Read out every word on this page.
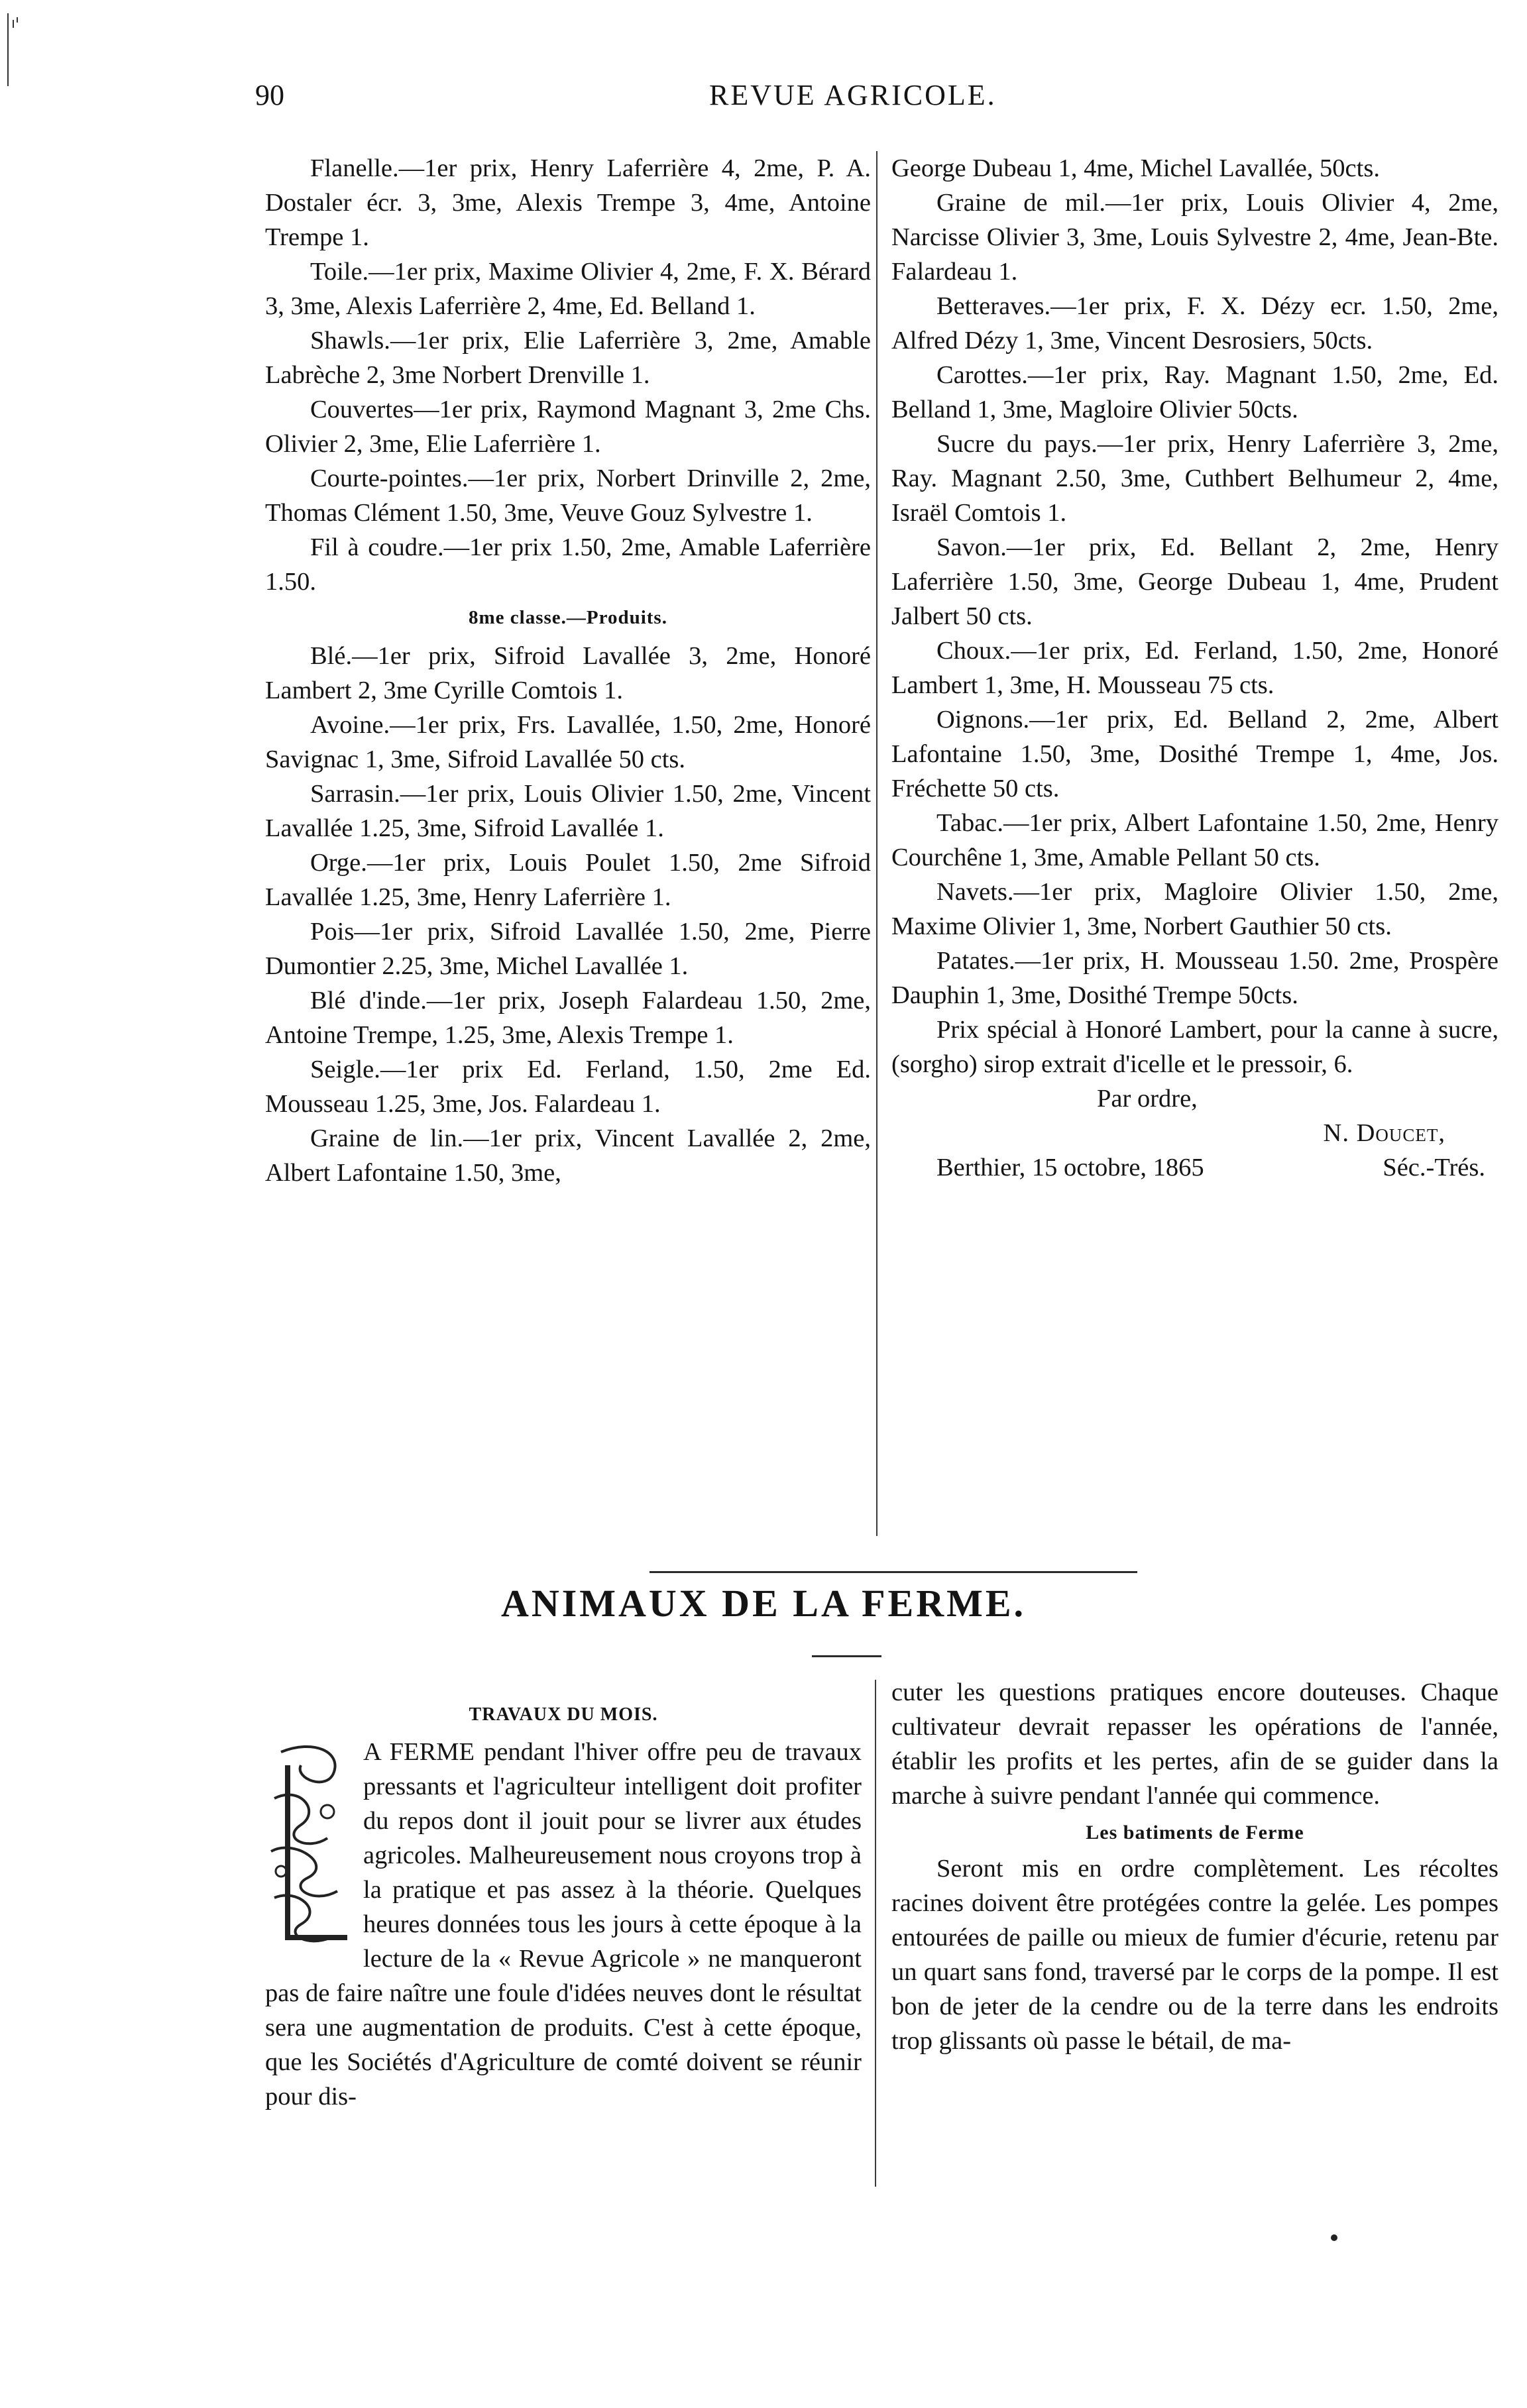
90	REVUE AGRICOLE.

Flanelle.—1er prix, Henry Laferrière 4, 2me, P. A. Dostaler écr. 3, 3me, Alexis Trempe 3, 4me, Antoine Trempe 1.

Toile.—1er prix, Maxime Olivier 4, 2me, F. X. Bérard 3, 3me, Alexis Laferrière 2, 4me, Ed. Belland 1.

Shawls.—1er prix, Elie Laferrière 3, 2me, Amable Labrèche 2, 3me Norbert Drenville 1.

Couvertes—1er prix, Raymond Magnant 3, 2me Chs. Olivier 2, 3me, Elie Laferrière 1.

Courte-pointes.—1er prix, Norbert Drinville 2, 2me, Thomas Clément 1.50, 3me, Veuve Gouz Sylvestre 1.

Fil à coudre.—1er prix 1.50, 2me, Amable Laferrière 1.50.

8me classe.—Produits.

Blé.—1er prix, Sifroid Lavallée 3, 2me, Honoré Lambert 2, 3me Cyrille Comtois 1.

Avoine.—1er prix, Frs. Lavallée, 1.50, 2me, Honoré Savignac 1, 3me, Sifroid Lavallée 50 cts.

Sarrasin.—1er prix, Louis Olivier 1.50, 2me, Vincent Lavallée 1.25, 3me, Sifroid Lavallée 1.

Orge.—1er prix, Louis Poulet 1.50, 2me Sifroid Lavallée 1.25, 3me, Henry Laferrière 1.

Pois—1er prix, Sifroid Lavallée 1.50, 2me, Pierre Dumontier 2.25, 3me, Michel Lavallée 1.

Blé d'inde.—1er prix, Joseph Falardeau 1.50, 2me, Antoine Trempe, 1.25, 3me, Alexis Trempe 1.

Seigle.—1er prix Ed. Ferland, 1.50, 2me Ed. Mousseau 1.25, 3me, Jos. Falardeau 1.

Graine de lin.—1er prix, Vincent Lavallée 2, 2me, Albert Lafontaine 1.50, 3me,

George Dubeau 1, 4me, Michel Lavallée, 50cts.

Graine de mil.—1er prix, Louis Olivier 4, 2me, Narcisse Olivier 3, 3me, Louis Sylvestre 2, 4me, Jean-Bte. Falardeau 1.

Betteraves.—1er prix, F. X. Dézy ecr. 1.50, 2me, Alfred Dézy 1, 3me, Vincent Desrosiers, 50cts.

Carottes.—1er prix, Ray. Magnant 1.50, 2me, Ed. Belland 1, 3me, Magloire Olivier 50cts.

Sucre du pays.—1er prix, Henry Laferrière 3, 2me, Ray. Magnant 2.50, 3me, Cuthbert Belhumeur 2, 4me, Israël Comtois 1.

Savon.—1er prix, Ed. Bellant 2, 2me, Henry Laferrière 1.50, 3me, George Dubeau 1, 4me, Prudent Jalbert 50 cts.

Choux.—1er prix, Ed. Ferland, 1.50, 2me, Honoré Lambert 1, 3me, H. Mousseau 75 cts.

Oignons.—1er prix, Ed. Belland 2, 2me, Albert Lafontaine 1.50, 3me, Dosithé Trempe 1, 4me, Jos. Fréchette 50 cts.

Tabac.—1er prix, Albert Lafontaine 1.50, 2me, Henry Courchêne 1, 3me, Amable Pellant 50 cts.

Navets.—1er prix, Magloire Olivier 1.50, 2me, Maxime Olivier 1, 3me, Norbert Gauthier 50 cts.

Patates.—1er prix, H. Mousseau 1.50. 2me, Prospère Dauphin 1, 3me, Dosithé Trempe 50cts.

Prix spécial à Honoré Lambert, pour la canne à sucre, (sorgho) sirop extrait d'icelle et le pressoir, 6.

Par ordre,

N. Doucet,

Séc.-Trés.

Berthier, 15 octobre, 1865

ANIMAUX DE LA FERME.

TRAVAUX DU MOIS.

A FERME pendant l'hiver offre peu de travaux pressants et l'agriculteur intelligent doit profiter du repos dont il jouit pour se livrer aux études agricoles. Malheureusement nous croyons trop à la pratique et pas assez à la théorie. Quelques heures données tous les jours à cette époque à la lecture de la « Revue Agricole » ne manqueront pas de faire naître une foule d'idées neuves dont le résultat sera une augmentation de produits. C'est à cette époque, que les Sociétés d'Agriculture de comté doivent se réunir pour dis-

cuter les questions pratiques encore douteuses. Chaque cultivateur devrait repasser les opérations de l'année, établir les profits et les pertes, afin de se guider dans la marche à suivre pendant l'année qui commence.

Les batiments de Ferme

Seront mis en ordre complètement. Les récoltes racines doivent être protégées contre la gelée. Les pompes entourées de paille ou mieux de fumier d'écurie, retenu par un quart sans fond, traversé par le corps de la pompe. Il est bon de jeter de la cendre ou de la terre dans les endroits trop glissants où passe le bétail, de ma-
